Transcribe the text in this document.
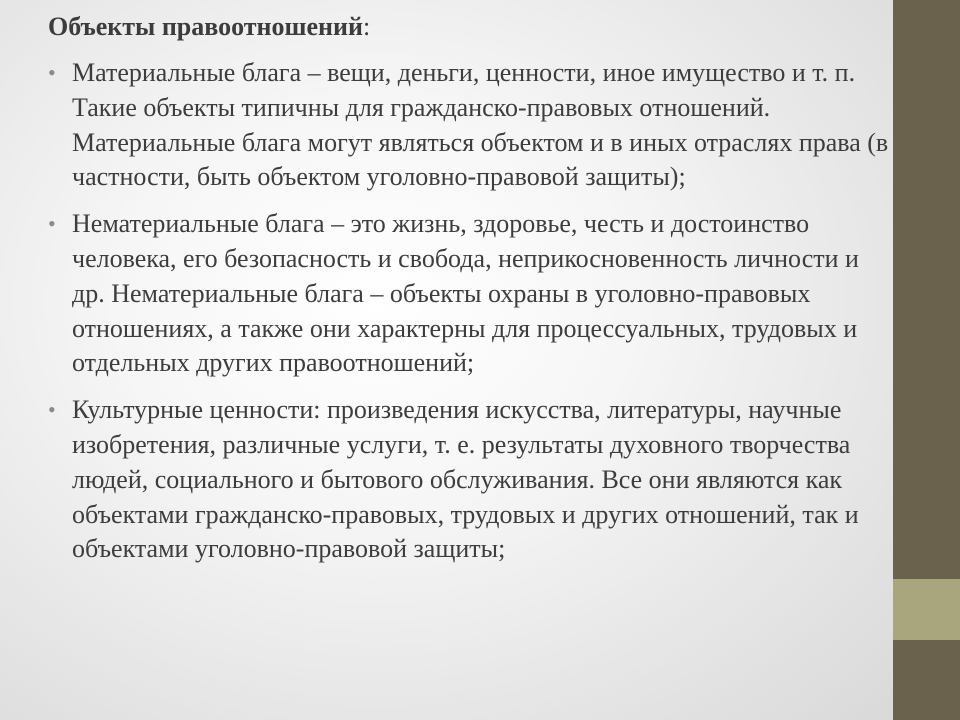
Объекты правоотношений:

• Материальные блага – вещи, деньги, ценности, иное имущество и т. п. Такие объекты типичны для гражданско-правовых отношений. Материальные блага могут являться объектом и в иных отраслях права (в частности, быть объектом уголовно-правовой защиты);
• Нематериальные блага – это жизнь, здоровье, честь и достоинство человека, его безопасность и свобода, неприкосновенность личности и др. Нематериальные блага – объекты охраны в уголовно-правовых отношениях, а также они характерны для процессуальных, трудовых и отдельных других правоотношений;
• Культурные ценности: произведения искусства, литературы, научные изобретения, различные услуги, т. е. результаты духовного творчества людей, социального и бытового обслуживания. Все они являются как объектами гражданско-правовых, трудовых и других отношений, так и объектами уголовно-правовой защиты;
